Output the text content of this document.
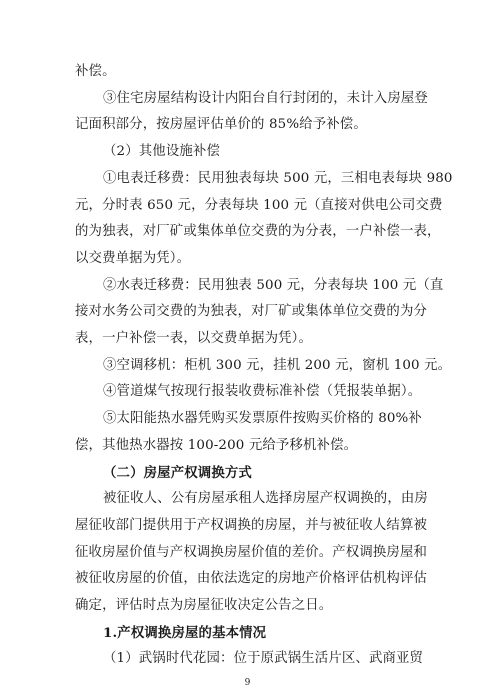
补偿。
③住宅房屋结构设计内阳台自行封闭的，未计入房屋登
记面积部分，按房屋评估单价的 85%给予补偿。
（2）其他设施补偿
①电表迁移费：民用独表每块 500 元，三相电表每块 980
元，分时表 650 元，分表每块 100 元（直接对供电公司交费
的为独表，对厂矿或集体单位交费的为分表，一户补偿一表，
以交费单据为凭）。
②水表迁移费：民用独表 500 元，分表每块 100 元（直
接对水务公司交费的为独表，对厂矿或集体单位交费的为分
表，一户补偿一表，以交费单据为凭）。
③空调移机：柜机 300 元，挂机 200 元，窗机 100 元。
④管道煤气按现行报装收费标准补偿（凭报装单据）。
⑤太阳能热水器凭购买发票原件按购买价格的 80%补
偿，其他热水器按 100-200 元给予移机补偿。
（二）房屋产权调换方式
被征收人、公有房屋承租人选择房屋产权调换的，由房
屋征收部门提供用于产权调换的房屋，并与被征收人结算被
征收房屋价值与产权调换房屋价值的差价。产权调换房屋和
被征收房屋的价值，由依法选定的房地产价格评估机构评估
确定，评估时点为房屋征收决定公告之日。
9
1.产权调换房屋的基本情况
（1）武锅时代花园：位于原武锅生活片区、武商亚贸
